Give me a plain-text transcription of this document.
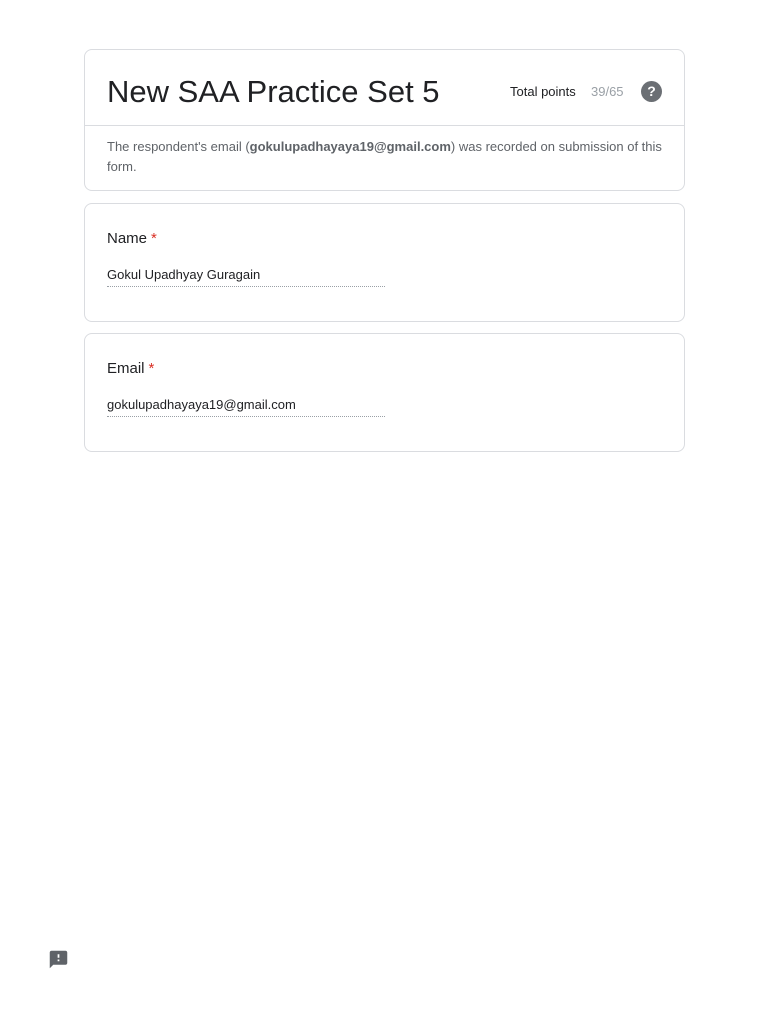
New SAA Practice Set 5	Total points 39/65	?
The respondent's email (gokulupadhayaya19@gmail.com) was recorded on submission of this form.
Name *
Gokul Upadhyay Guragain
Email *
gokulupadhayaya19@gmail.com
